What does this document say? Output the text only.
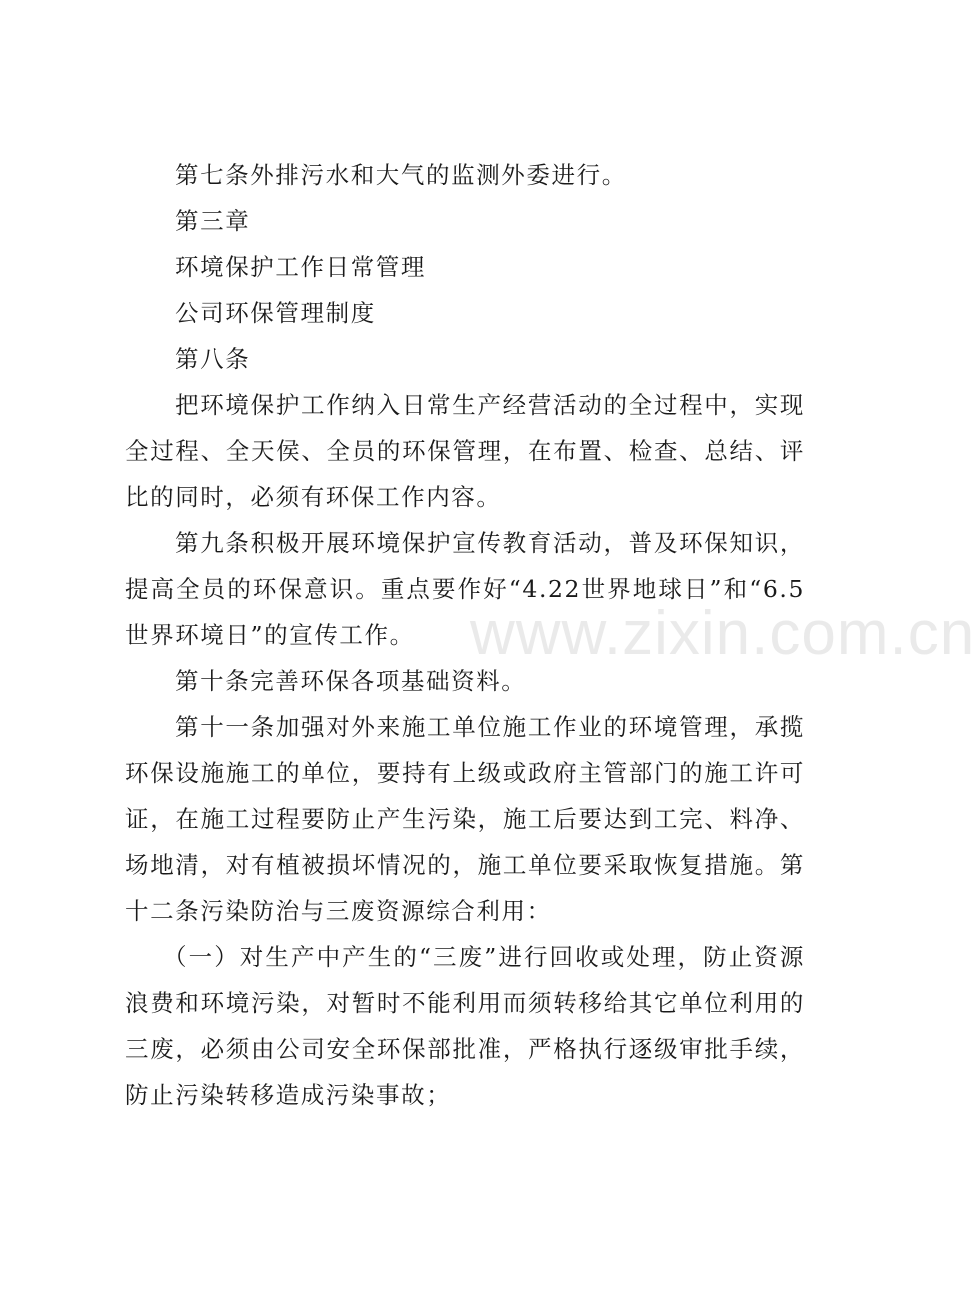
第七条外排污水和大气的监测外委进行。

第三章

环境保护工作日常管理

公司环保管理制度

第八条

把环境保护工作纳入日常生产经营活动的全过程中，实现全过程、全天侯、全员的环保管理，在布置、检查、总结、评比的同时，必须有环保工作内容。

第九条积极开展环境保护宣传教育活动，普及环保知识，提高全员的环保意识。重点要作好“4.22世界地球日”和“6.5世界环境日”的宣传工作。

第十条完善环保各项基础资料。

第十一条加强对外来施工单位施工作业的环境管理，承揽环保设施施工的单位，要持有上级或政府主管部门的施工许可证，在施工过程要防止产生污染，施工后要达到工完、料净、场地清，对有植被损坏情况的，施工单位要采取恢复措施。第十二条污染防治与三废资源综合利用：

（一）对生产中产生的“三废”进行回收或处理，防止资源浪费和环境污染，对暂时不能利用而须转移给其它单位利用的三废，必须由公司安全环保部批准，严格执行逐级审批手续，防止污染转移造成污染事故；

www.zixin.com.cn
